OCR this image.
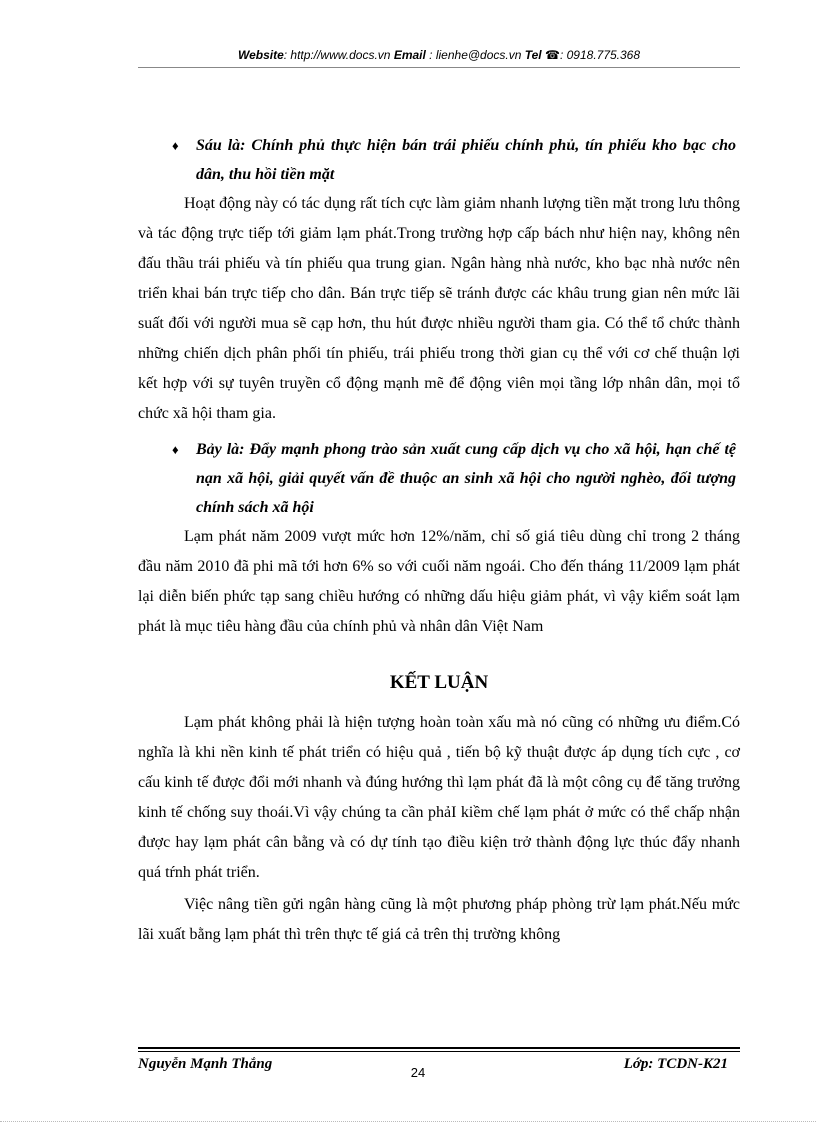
Website: http://www.docs.vn Email : lienhe@docs.vn Tel ☎: 0918.775.368
♦ Sáu là: Chính phủ thực hiện bán trái phiếu chính phủ, tín phiếu kho bạc cho dân, thu hồi tiền mặt

Hoạt động này có tác dụng rất tích cực làm giảm nhanh lượng tiền mặt trong lưu thông và tác động trực tiếp tới giảm lạm phát.Trong trường hợp cấp bách như hiện nay, không nên đấu thầu trái phiếu và tín phiếu qua trung gian. Ngân hàng nhà nước, kho bạc nhà nước nên triển khai bán trực tiếp cho dân. Bán trực tiếp sẽ tránh được các khâu trung gian nên mức lãi suất đối với người mua sẽ cạp hơn, thu hút được nhiều người tham gia. Có thể tổ chức thành những chiến dịch phân phối tín phiếu, trái phiếu trong thời gian cụ thể với cơ chế thuận lợi kết hợp với sự tuyên truyền cổ động mạnh mẽ để động viên mọi tầng lớp nhân dân, mọi tổ chức xã hội tham gia.

♦ Bảy là: Đẩy mạnh phong trào sản xuất cung cấp dịch vụ cho xã hội, hạn chế tệ nạn xã hội, giải quyết vấn đề thuộc an sinh xã hội cho người nghèo, đối tượng chính sách xã hội

Lạm phát năm 2009 vượt mức hơn 12%/năm, chỉ số giá tiêu dùng chỉ trong 2 tháng đầu năm 2010 đã phi mã tới hơn 6% so với cuối năm ngoái. Cho đến tháng 11/2009 lạm phát lại diễn biến phức tạp sang chiều hướng có những dấu hiệu giảm phát, vì vậy kiểm soát lạm phát là mục tiêu hàng đầu của chính phủ và nhân dân Việt Nam

KẾT LUẬN

Lạm phát không phải là hiện tượng hoàn toàn xấu mà nó cũng có những ưu điểm.Có nghĩa là khi nền kinh tế phát triển có hiệu quả , tiến bộ kỹ thuật được áp dụng tích cực , cơ cấu kinh tế được đổi mới nhanh và đúng hướng thì lạm phát đã là một công cụ để tăng trưởng kinh tế chống suy thoái.Vì vậy chúng ta cần phảI kiềm chế lạm phát ở mức có thể chấp nhận được hay lạm phát cân bằng và có dự tính tạo điều kiện trở thành động lực thúc đẩy nhanh quá tŕnh phát triển.

Việc nâng tiền gửi ngân hàng cũng là một phương pháp phòng trừ lạm phát.Nếu mức lãi xuất bằng lạm phát thì trên thực tế giá cả trên thị trường không

Nguyễn Mạnh Thắng
24
Lớp: TCDN-K21
